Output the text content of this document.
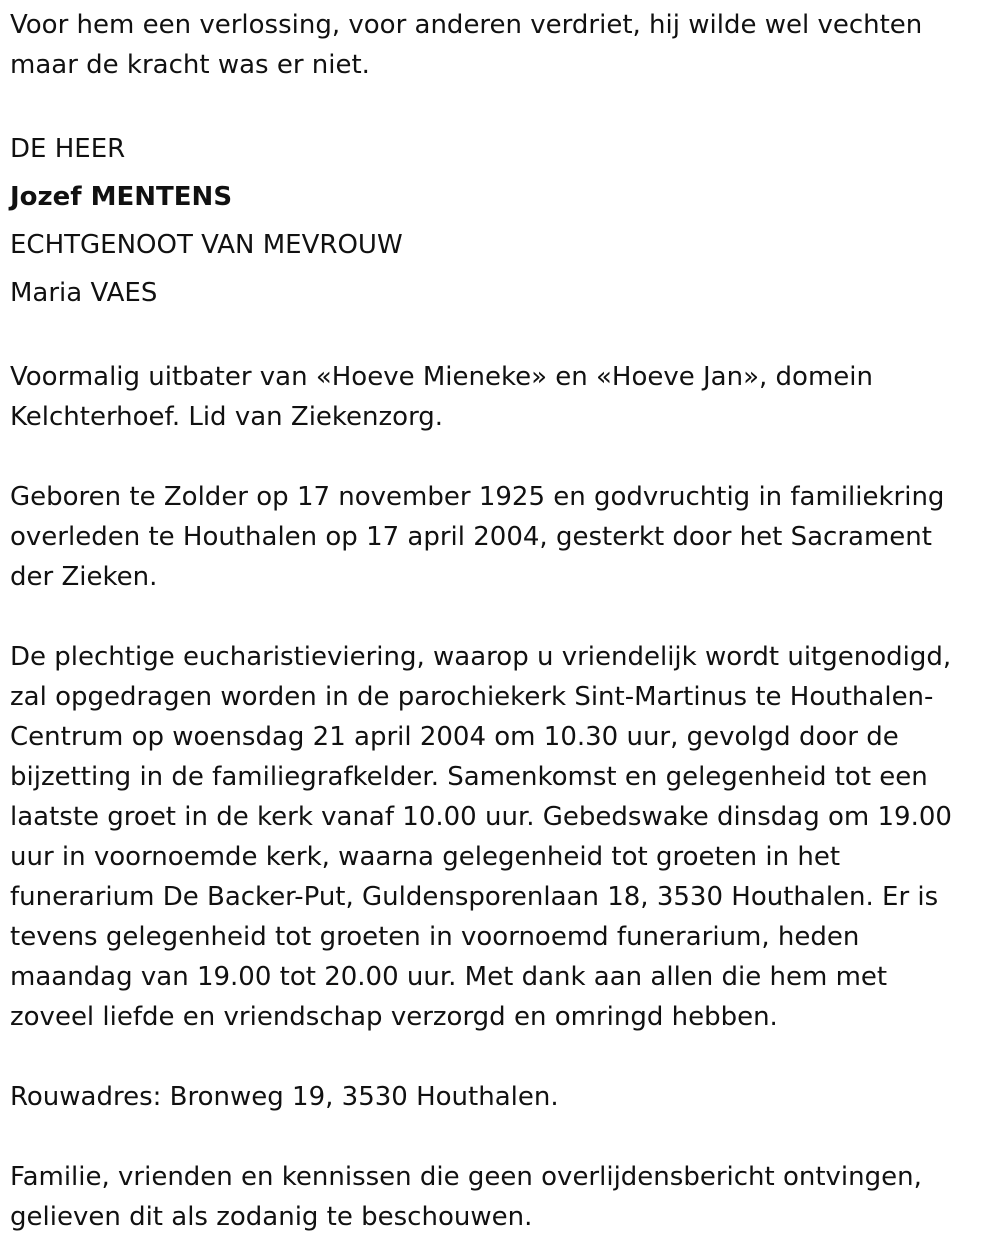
Voor hem een verlossing, voor anderen verdriet, hij wilde wel vechten
maar de kracht was er niet.
DE HEER
Jozef MENTENS
ECHTGENOOT VAN MEVROUW
Maria VAES
Voormalig uitbater van «Hoeve Mieneke» en «Hoeve Jan», domein
Kelchterhoef. Lid van Ziekenzorg.
Geboren te Zolder op 17 november 1925 en godvruchtig in familiekring
overleden te Houthalen op 17 april 2004, gesterkt door het Sacrament
der Zieken.
De plechtige eucharistieviering, waarop u vriendelijk wordt uitgenodigd,
zal opgedragen worden in de parochiekerk Sint-Martinus te Houthalen-
Centrum op woensdag 21 april 2004 om 10.30 uur, gevolgd door de
bijzetting in de familiegrafkelder. Samenkomst en gelegenheid tot een
laatste groet in de kerk vanaf 10.00 uur. Gebedswake dinsdag om 19.00
uur in voornoemde kerk, waarna gelegenheid tot groeten in het
funerarium De Backer-Put, Guldensporenlaan 18, 3530 Houthalen. Er is
tevens gelegenheid tot groeten in voornoemd funerarium, heden
maandag van 19.00 tot 20.00 uur. Met dank aan allen die hem met
zoveel liefde en vriendschap verzorgd en omringd hebben.
Rouwadres: Bronweg 19, 3530 Houthalen.
Familie, vrienden en kennissen die geen overlijdensbericht ontvingen,
gelieven dit als zodanig te beschouwen.
